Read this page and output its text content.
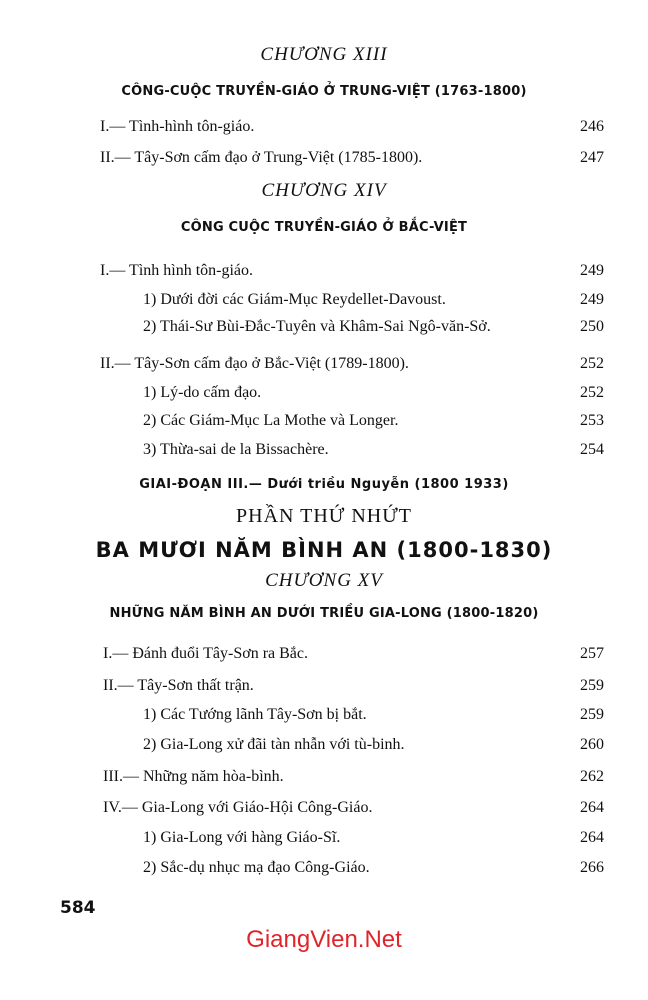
CHƯƠNG XIII
CÔNG-CUỘC TRUYỀN-GIÁO Ở TRUNG-VIỆT (1763-1800)
I.— Tình-hình tôn-giáo.	246
II.— Tây-Sơn cấm đạo ở Trung-Việt (1785-1800).	247
CHƯƠNG XIV
CÔNG CUỘC TRUYỀN-GIÁO Ở BẮC-VIỆT
I.— Tình hình tôn-giáo.	249
1) Dưới đời các Giám-Mục Reydellet-Davoust.	249
2) Thái-Sư Bùi-Đắc-Tuyên và Khâm-Sai Ngô-văn-Sở.	250
II.— Tây-Sơn cấm đạo ở Bắc-Việt (1789-1800).	252
1) Lý-do cấm đạo.	252
2) Các Giám-Mục La Mothe và Longer.	253
3) Thừa-sai de la Bissachère.	254
GIAI-ĐOẠN III.— Dưới triều Nguyễn (1800 1933)
PHẦN THỨ NHỨT
BA MƯƠI NĂM BÌNH AN (1800-1830)
CHƯƠNG XV
NHỮNG NĂM BÌNH AN DƯỚI TRIỀU GIA-LONG (1800-1820)
I.— Đánh đuổi Tây-Sơn ra Bắc.	257
II.— Tây-Sơn thất trận.	259
1) Các Tướng lãnh Tây-Sơn bị bắt.	259
2) Gia-Long xử đãi tàn nhẫn với tù-binh.	260
III.— Những năm hòa-bình.	262
IV.— Gia-Long với Giáo-Hội Công-Giáo.	264
1) Gia-Long với hàng Giáo-Sĩ.	264
2) Sắc-dụ nhục mạ đạo Công-Giáo.	266
584
GiangVien.Net
